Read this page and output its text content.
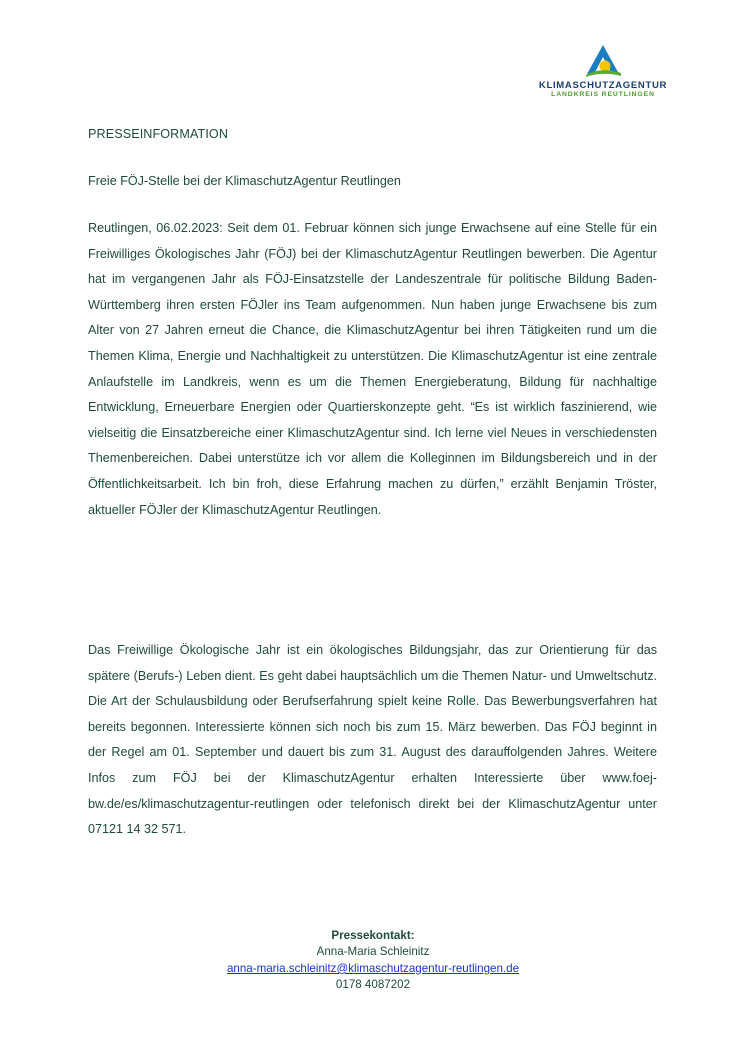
KLIMASCHUTZAGENTUR
LANDKREIS REUTLINGEN
PRESSEINFORMATION
Freie FÖJ-Stelle bei der KlimaschutzAgentur Reutlingen

Reutlingen, 06.02.2023: Seit dem 01. Februar können sich junge Erwachsene auf eine Stelle für ein Freiwilliges Ökologisches Jahr (FÖJ) bei der KlimaschutzAgentur Reutlingen bewerben. Die Agentur hat im vergangenen Jahr als FÖJ-Einsatzstelle der Landeszentrale für politische Bildung Baden-Württemberg ihren ersten FÖJler ins Team aufgenommen. Nun haben junge Erwachsene bis zum Alter von 27 Jahren erneut die Chance, die KlimaschutzAgentur bei ihren Tätigkeiten rund um die Themen Klima, Energie und Nachhaltigkeit zu unterstützen. Die KlimaschutzAgentur ist eine zentrale Anlaufstelle im Landkreis, wenn es um die Themen Energieberatung, Bildung für nachhaltige Entwicklung, Erneuerbare Energien oder Quartierskonzepte geht. “Es ist wirklich faszinierend, wie vielseitig die Einsatzbereiche einer KlimaschutzAgentur sind. Ich lerne viel Neues in verschiedensten Themenbereichen. Dabei unterstütze ich vor allem die Kolleginnen im Bildungsbereich und in der Öffentlichkeitsarbeit. Ich bin froh, diese Erfahrung machen zu dürfen,” erzählt Benjamin Tröster, aktueller FÖJler der KlimaschutzAgentur Reutlingen.

Das Freiwillige Ökologische Jahr ist ein ökologisches Bildungsjahr, das zur Orientierung für das spätere (Berufs-) Leben dient. Es geht dabei hauptsächlich um die Themen Natur- und Umweltschutz. Die Art der Schulausbildung oder Berufserfahrung spielt keine Rolle. Das Bewerbungsverfahren hat bereits begonnen. Interessierte können sich noch bis zum 15. März bewerben. Das FÖJ beginnt in der Regel am 01. September und dauert bis zum 31. August des darauffolgenden Jahres. Weitere Infos zum FÖJ bei der KlimaschutzAgentur erhalten Interessierte über www.foej-bw.de/es/klimaschutzagentur-reutlingen oder telefonisch direkt bei der KlimaschutzAgentur unter 07121 14 32 571.

Pressekontakt:
Anna-Maria Schleinitz
anna-maria.schleinitz@klimaschutzagentur-reutlingen.de
0178 4087202
